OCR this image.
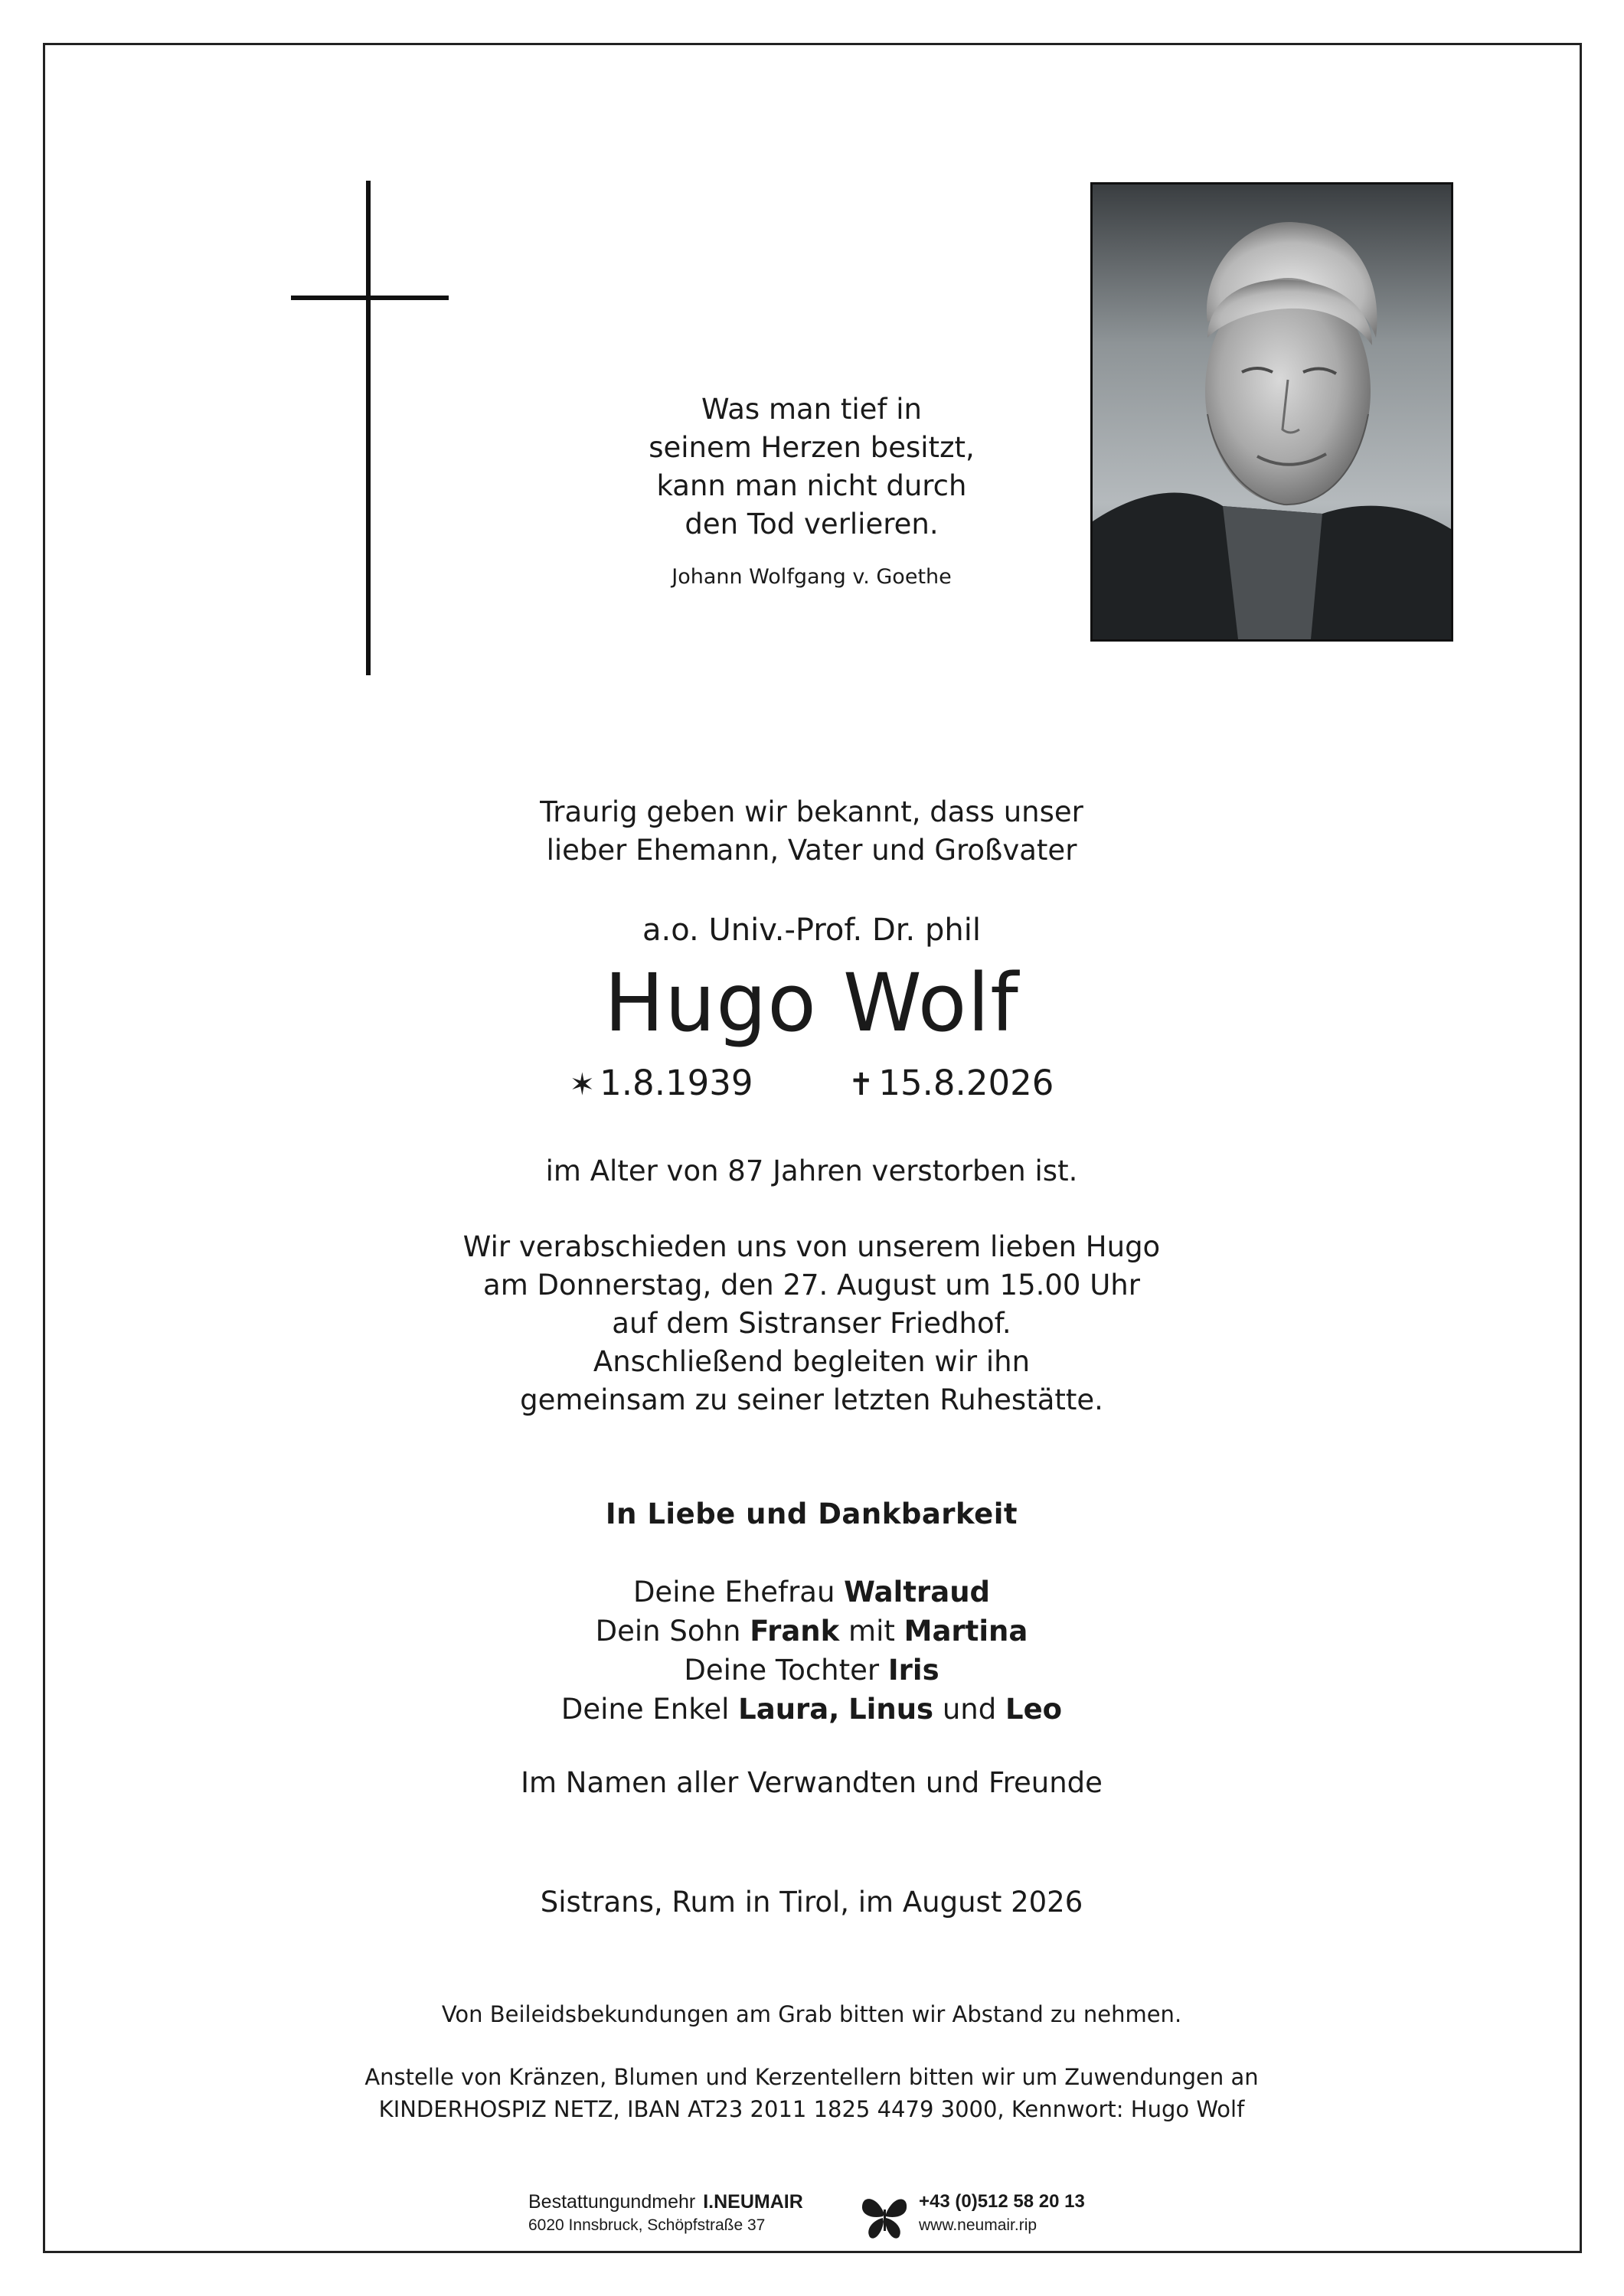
Was man tief in
seinem Herzen besitzt,
kann man nicht durch
den Tod verlieren.
Johann Wolfgang v. Goethe
Traurig geben wir bekannt, dass unser
lieber Ehemann, Vater und Großvater
a.o. Univ.-Prof. Dr. phil
Hugo Wolf
✶ 1.8.1939	✝ 15.8.2026
im Alter von 87 Jahren verstorben ist.
Wir verabschieden uns von unserem lieben Hugo
am Donnerstag, den 27. August um 15.00 Uhr
auf dem Sistranser Friedhof.
Anschließend begleiten wir ihn
gemeinsam zu seiner letzten Ruhestätte.
In Liebe und Dankbarkeit
Deine Ehefrau Waltraud
Dein Sohn Frank mit Martina
Deine Tochter Iris
Deine Enkel Laura, Linus und Leo
Im Namen aller Verwandten und Freunde
Sistrans, Rum in Tirol, im August 2026
Von Beileidsbekundungen am Grab bitten wir Abstand zu nehmen.
Anstelle von Kränzen, Blumen und Kerzentellern bitten wir um Zuwendungen an
KINDERHOSPIZ NETZ, IBAN AT23 2011 1825 4479 3000, Kennwort: Hugo Wolf
Bestattungundmehr I.NEUMAIR
6020 Innsbruck, Schöpfstraße 37
+43 (0)512 58 20 13
www.neumair.rip
